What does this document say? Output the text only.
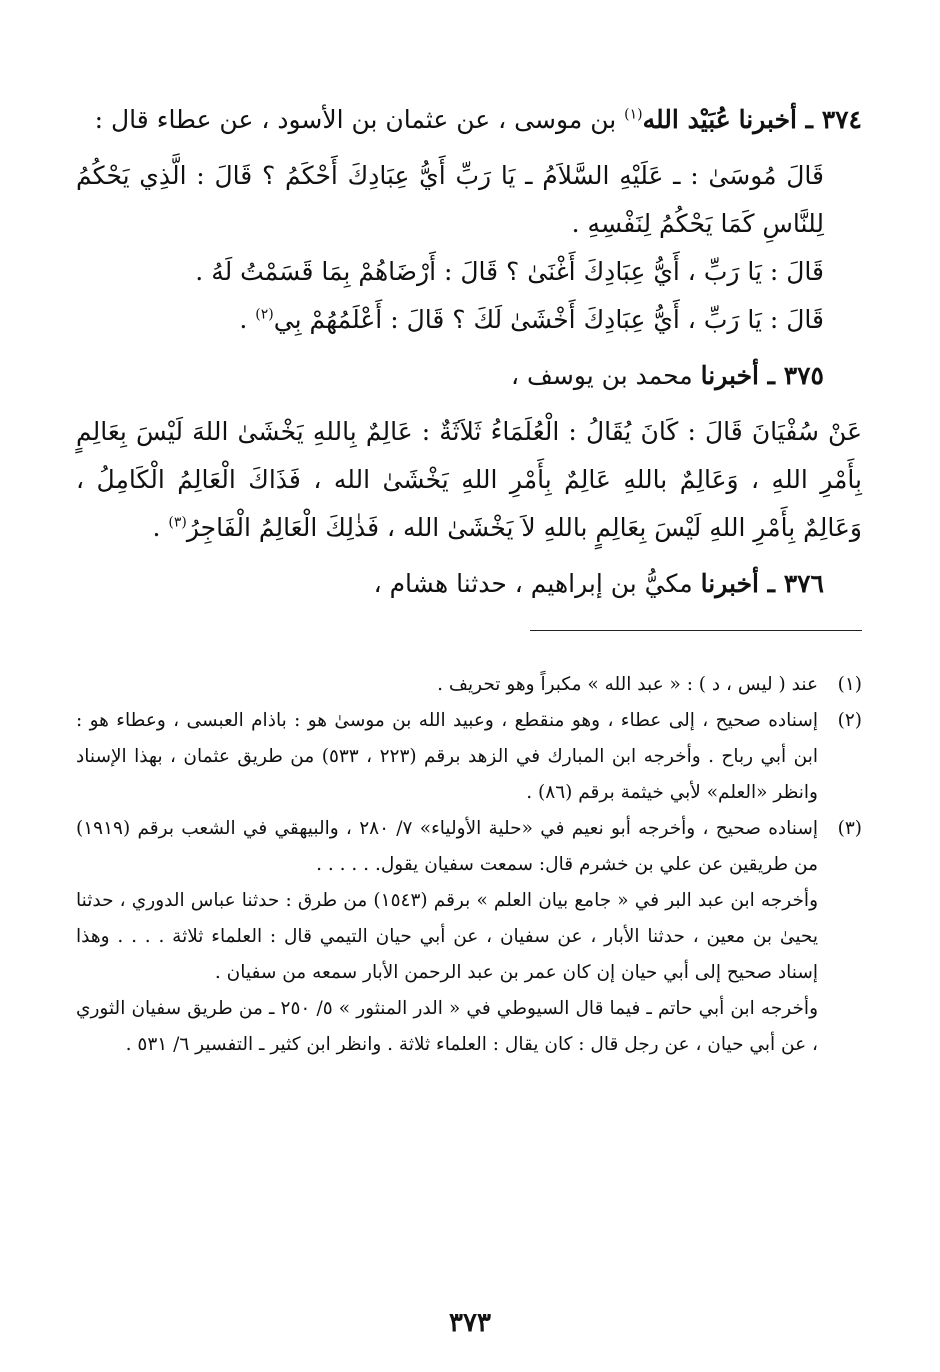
٣٧٤ ـ أخبرنا عُبَيْد الله$^{(١)}$ بن موسى ، عن عثمان بن الأسود ، عن عطاء قال :

قَالَ مُوسَىٰ : ـ عَلَيْهِ السَّلاَمُ ـ يَا رَبِّ أَيُّ عِبَادِكَ أَحْكَمُ ؟ قَالَ : الَّذِي يَحْكُمُ لِلنَّاسِ كَمَا يَحْكُمُ لِنَفْسِهِ .

قَالَ : يَا رَبِّ ، أَيُّ عِبَادِكَ أَغْنَىٰ ؟ قَالَ : أَرْضَاهُمْ بِمَا قَسَمْتُ لَهُ .

قَالَ : يَا رَبِّ ، أَيُّ عِبَادِكَ أَخْشَىٰ لَكَ ؟ قَالَ : أَعْلَمُهُمْ بِي$^{(٢)}$ .

٣٧٥ ـ أخبرنا محمد بن يوسف ،

عَنْ سُفْيَانَ قَالَ : كَانَ يُقَالُ : الْعُلَمَاءُ ثَلاَثَةٌ : عَالِمٌ بِاللهِ يَخْشَىٰ اللهَ لَيْسَ بِعَالِمٍ بِأَمْرِ اللهِ ، وَعَالِمٌ باللهِ عَالِمٌ بِأَمْرِ اللهِ يَخْشَىٰ الله ، فَذَاكَ الْعَالِمُ الْكَامِلُ ، وَعَالِمٌ بِأَمْرِ اللهِ لَيْسَ بِعَالِمٍ باللهِ لاَ يَخْشَىٰ الله ، فَذٰلِكَ الْعَالِمُ الْفَاجِرُ$^{(٣)}$ .

٣٧٦ ـ أخبرنا مكيُّ بن إبراهيم ، حدثنا هشام ،

(١)

عند ( ليس ، د ) : « عبد الله » مكبراً وهو تحريف .

(٢)

إسناده صحيح ، إلى عطاء ، وهو منقطع ، وعبيد الله بن موسىٰ هو : باذام العبسى ، وعطاء هو : ابن أبي رباح . وأخرجه ابن المبارك في الزهد برقم (٢٢٣ ، ٥٣٣) من طريق عثمان ، بهذا الإسناد وانظر «العلم» لأبي خيثمة برقم (٨٦) .

(٣)

إسناده صحيح ، وأخرجه أبو نعيم في «حلية الأولياء» ٧/ ٢٨٠ ، والبيهقي في الشعب برقم (١٩١٩) من طريقين عن علي بن خشرم قال: سمعت سفيان يقول. . . . . .

وأخرجه ابن عبد البر في « جامع بيان العلم » برقم (١٥٤٣) من طرق : حدثنا عباس الدوري ، حدثنا يحيىٰ بن معين ، حدثنا الأبار ، عن سفيان ، عن أبي حيان التيمي قال : العلماء ثلاثة . . . . وهذا إسناد صحيح إلى أبي حيان إن كان عمر بن عبد الرحمن الأبار سمعه من سفيان .

وأخرجه ابن أبي حاتم ـ فيما قال السيوطي في « الدر المنثور » ٥/ ٢٥٠ ـ من طريق سفيان الثوري ، عن أبي حيان ، عن رجل قال : كان يقال : العلماء ثلاثة . وانظر ابن كثير ـ التفسير ٦/ ٥٣١ .

٣٧٣
